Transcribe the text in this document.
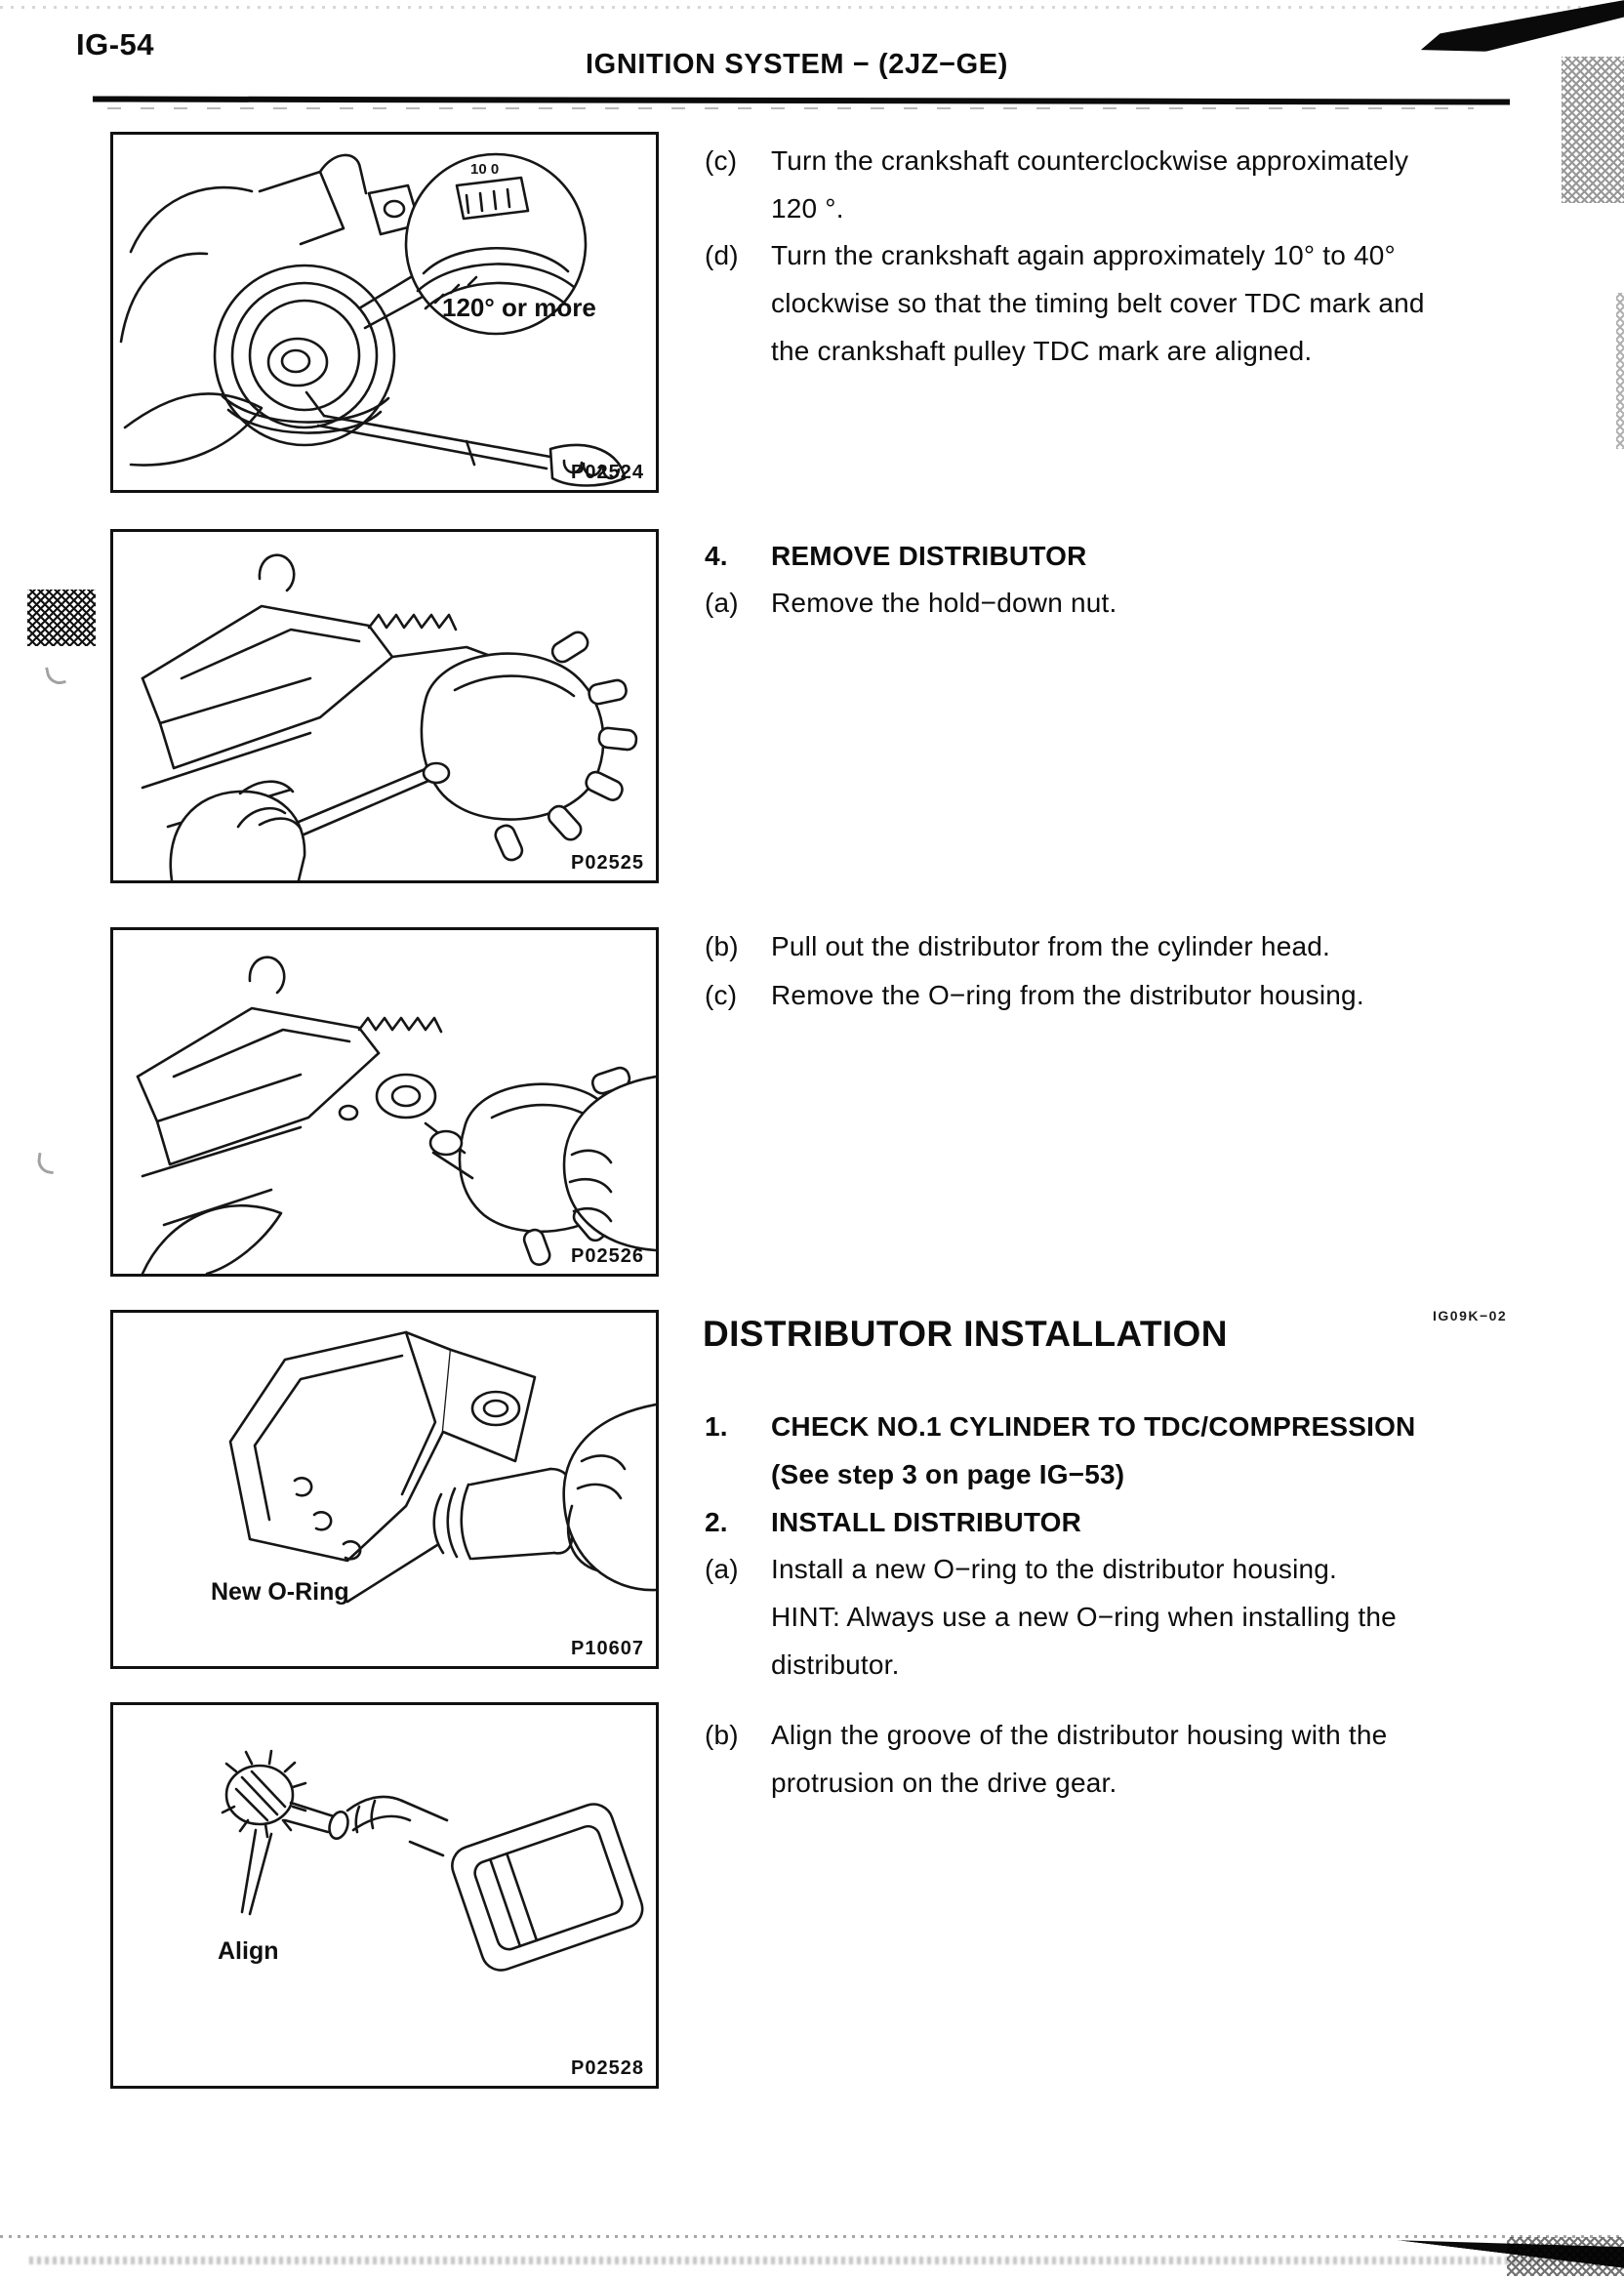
IG-54
IGNITION SYSTEM − (2JZ−GE)
10 0
120° or more
P02524
P02525
P02526
New O-Ring
P10607
Align
P02528
(c)	Turn the crankshaft counterclockwise approximately
120 °.
(d)	Turn the crankshaft again approximately 10° to 40°
clockwise so that the timing belt cover TDC mark and
the crankshaft pulley TDC mark are aligned.
4.	REMOVE DISTRIBUTOR
(a)	Remove the hold−down nut.
(b)	Pull out the distributor from the cylinder head.
(c)	Remove the O−ring from the distributor housing.
DISTRIBUTOR INSTALLATION	IG09K−02
1.	CHECK NO.1 CYLINDER TO TDC/COMPRESSION
(See step 3 on page IG−53)
2.	INSTALL DISTRIBUTOR
(a)	Install a new O−ring to the distributor housing.
HINT: Always use a new O−ring when installing the
distributor.
(b)	Align the groove of the distributor housing with the
protrusion on the drive gear.
